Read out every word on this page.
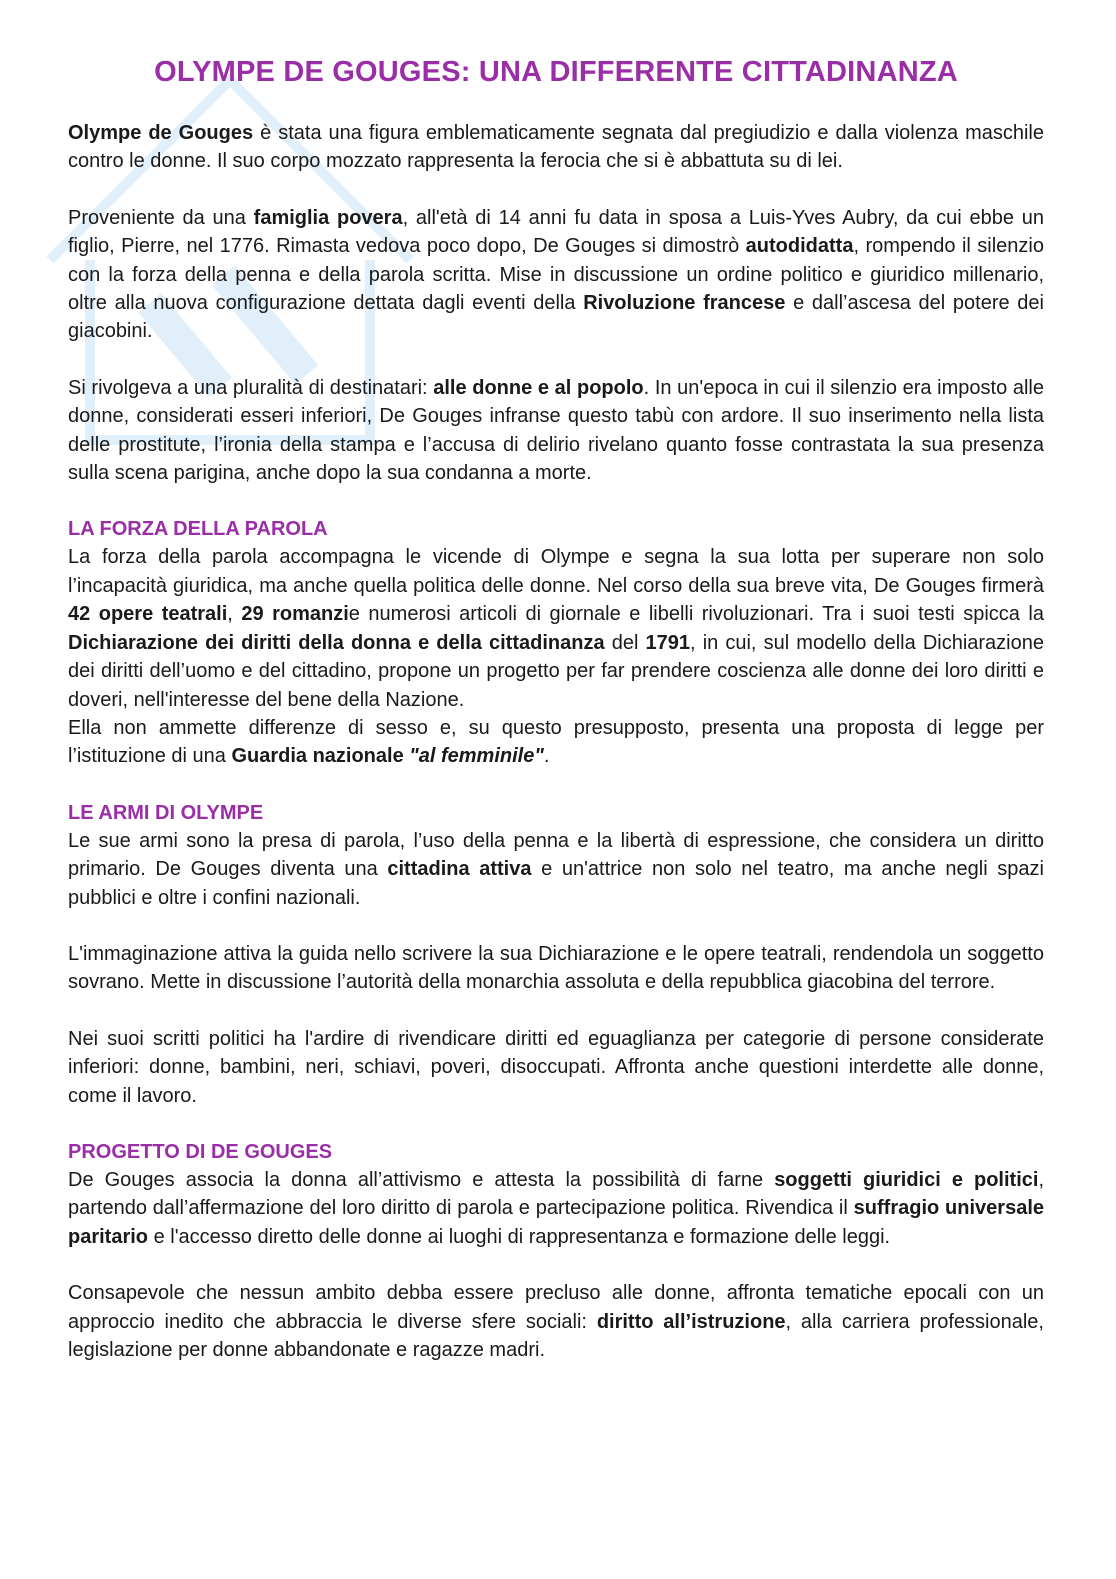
OLYMPE DE GOUGES: UNA DIFFERENTE CITTADINANZA

Olympe de Gouges è stata una figura emblematicamente segnata dal pregiudizio e dalla violenza maschile contro le donne. Il suo corpo mozzato rappresenta la ferocia che si è abbattuta su di lei.

Proveniente da una famiglia povera, all'età di 14 anni fu data in sposa a Luis-Yves Aubry, da cui ebbe un figlio, Pierre, nel 1776. Rimasta vedova poco dopo, De Gouges si dimostrò autodidatta, rompendo il silenzio con la forza della penna e della parola scritta. Mise in discussione un ordine politico e giuridico millenario, oltre alla nuova configurazione dettata dagli eventi della Rivoluzione francese e dall’ascesa del potere dei giacobini.

Si rivolgeva a una pluralità di destinatari: alle donne e al popolo. In un'epoca in cui il silenzio era imposto alle donne, considerati esseri inferiori, De Gouges infranse questo tabù con ardore. Il suo inserimento nella lista delle prostitute, l’ironia della stampa e l’accusa di delirio rivelano quanto fosse contrastata la sua presenza sulla scena parigina, anche dopo la sua condanna a morte.

LA FORZA DELLA PAROLA

La forza della parola accompagna le vicende di Olympe e segna la sua lotta per superare non solo l’incapacità giuridica, ma anche quella politica delle donne. Nel corso della sua breve vita, De Gouges firmerà 42 opere teatrali, 29 romanzie numerosi articoli di giornale e libelli rivoluzionari. Tra i suoi testi spicca la Dichiarazione dei diritti della donna e della cittadinanza del 1791, in cui, sul modello della Dichiarazione dei diritti dell’uomo e del cittadino, propone un progetto per far prendere coscienza alle donne dei loro diritti e doveri, nell'interesse del bene della Nazione.

Ella non ammette differenze di sesso e, su questo presupposto, presenta una proposta di legge per l’istituzione di una Guardia nazionale "al femminile".

LE ARMI DI OLYMPE

Le sue armi sono la presa di parola, l’uso della penna e la libertà di espressione, che considera un diritto primario. De Gouges diventa una cittadina attiva e un'attrice non solo nel teatro, ma anche negli spazi pubblici e oltre i confini nazionali.

L'immaginazione attiva la guida nello scrivere la sua Dichiarazione e le opere teatrali, rendendola un soggetto sovrano. Mette in discussione l’autorità della monarchia assoluta e della repubblica giacobina del terrore.

Nei suoi scritti politici ha l'ardire di rivendicare diritti ed eguaglianza per categorie di persone considerate inferiori: donne, bambini, neri, schiavi, poveri, disoccupati. Affronta anche questioni interdette alle donne, come il lavoro.

PROGETTO DI DE GOUGES

De Gouges associa la donna all’attivismo e attesta la possibilità di farne soggetti giuridici e politici, partendo dall’affermazione del loro diritto di parola e partecipazione politica. Rivendica il suffragio universale paritario e l'accesso diretto delle donne ai luoghi di rappresentanza e formazione delle leggi.

Consapevole che nessun ambito debba essere precluso alle donne, affronta tematiche epocali con un approccio inedito che abbraccia le diverse sfere sociali: diritto all’istruzione, alla carriera professionale, legislazione per donne abbandonate e ragazze madri.
